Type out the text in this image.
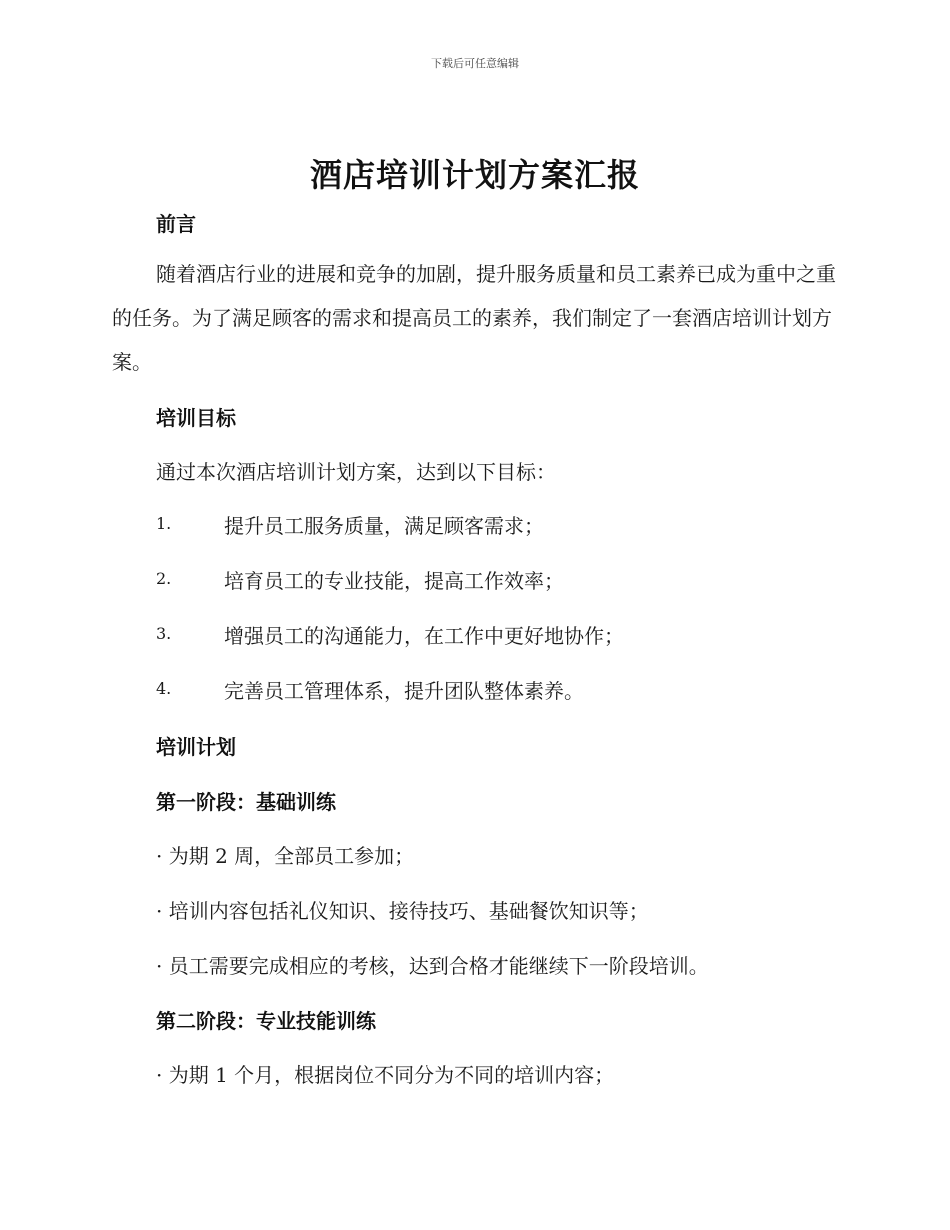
下载后可任意编辑
酒店培训计划方案汇报
前言
随着酒店行业的进展和竞争的加剧，提升服务质量和员工素养已成为重中之重的任务。为了满足顾客的需求和提高员工的素养，我们制定了一套酒店培训计划方案。
培训目标
通过本次酒店培训计划方案，达到以下目标：
1.	提升员工服务质量，满足顾客需求；
2.	培育员工的专业技能，提高工作效率；
3.	增强员工的沟通能力，在工作中更好地协作；
4.	完善员工管理体系，提升团队整体素养。
培训计划
第一阶段：基础训练
· 为期 2 周，全部员工参加；
· 培训内容包括礼仪知识、接待技巧、基础餐饮知识等；
· 员工需要完成相应的考核，达到合格才能继续下一阶段培训。
第二阶段：专业技能训练
· 为期 1 个月，根据岗位不同分为不同的培训内容；
